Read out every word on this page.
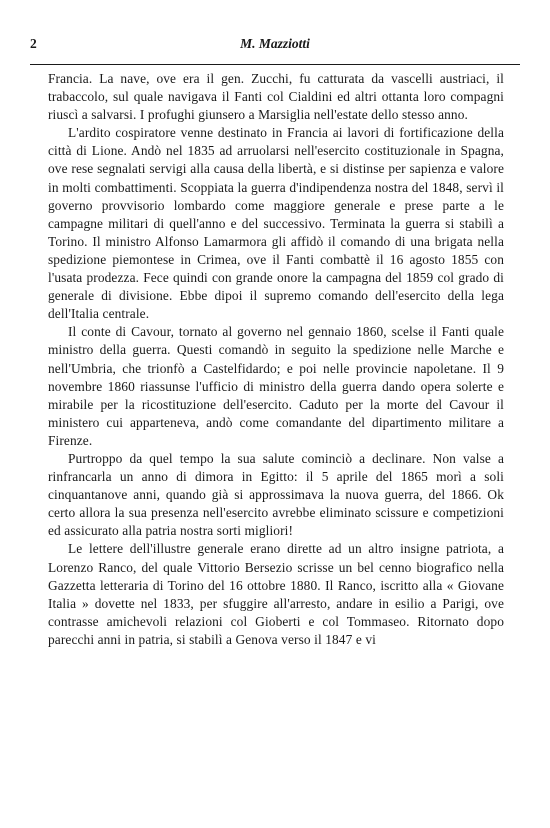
2	M. Mazziotti

Francia. La nave, ove era il gen. Zucchi, fu catturata da vascelli austriaci, il trabaccolo, sul quale navigava il Fanti col Cialdini ed altri ottanta loro compagni riuscì a salvarsi. I profughi giunsero a Marsiglia nell'estate dello stesso anno.

L'ardito cospiratore venne destinato in Francia ai lavori di fortificazione della città di Lione. Andò nel 1835 ad arruolarsi nell'esercito costituzionale in Spagna, ove rese segnalati servigi alla causa della libertà, e si distinse per sapienza e valore in molti combattimenti. Scoppiata la guerra d'indipendenza nostra del 1848, servì il governo provvisorio lombardo come maggiore generale e prese parte a le campagne militari di quell'anno e del successivo. Terminata la guerra si stabilì a Torino. Il ministro Alfonso Lamarmora gli affidò il comando di una brigata nella spedizione piemontese in Crimea, ove il Fanti combattè il 16 agosto 1855 con l'usata prodezza. Fece quindi con grande onore la campagna del 1859 col grado di generale di divisione. Ebbe dipoi il supremo comando dell'esercito della lega dell'Italia centrale.

Il conte di Cavour, tornato al governo nel gennaio 1860, scelse il Fanti quale ministro della guerra. Questi comandò in seguito la spedizione nelle Marche e nell'Umbria, che trionfò a Castelfidardo; e poi nelle provincie napoletane. Il 9 novembre 1860 riassunse l'ufficio di ministro della guerra dando opera solerte e mirabile per la ricostituzione dell'esercito. Caduto per la morte del Cavour il ministero cui apparteneva, andò come comandante del dipartimento militare a Firenze.

Purtroppo da quel tempo la sua salute cominciò a declinare. Non valse a rinfrancarla un anno di dimora in Egitto: il 5 aprile del 1865 morì a soli cinquantanove anni, quando già si approssimava la nuova guerra, del 1866. Ok certo allora la sua presenza nell'esercito avrebbe eliminato scissure e competizioni ed assicurato alla patria nostra sorti migliori!

Le lettere dell'illustre generale erano dirette ad un altro insigne patriota, a Lorenzo Ranco, del quale Vittorio Bersezio scrisse un bel cenno biografico nella Gazzetta letteraria di Torino del 16 ottobre 1880. Il Ranco, iscritto alla « Giovane Italia » dovette nel 1833, per sfuggire all'arresto, andare in esilio a Parigi, ove contrasse amichevoli relazioni col Gioberti e col Tommaseo. Ritornato dopo parecchi anni in patria, si stabilì a Genova verso il 1847 e vi
